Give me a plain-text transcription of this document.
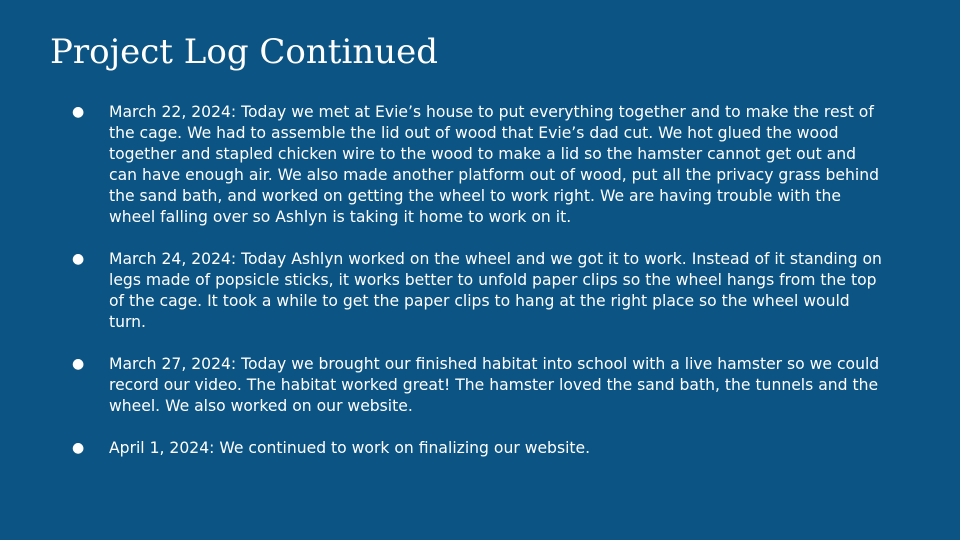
Project Log Continued
● March 22, 2024: Today we met at Evie’s house to put everything together and to make the rest of the cage. We had to assemble the lid out of wood that Evie’s dad cut. We hot glued the wood together and stapled chicken wire to the wood to make a lid so the hamster cannot get out and can have enough air. We also made another platform out of wood, put all the privacy grass behind the sand bath, and worked on getting the wheel to work right. We are having trouble with the wheel falling over so Ashlyn is taking it home to work on it.
● March 24, 2024: Today Ashlyn worked on the wheel and we got it to work. Instead of it standing on legs made of popsicle sticks, it works better to unfold paper clips so the wheel hangs from the top of the cage. It took a while to get the paper clips to hang at the right place so the wheel would turn.
● March 27, 2024: Today we brought our finished habitat into school with a live hamster so we could record our video. The habitat worked great! The hamster loved the sand bath, the tunnels and the wheel. We also worked on our website.
● April 1, 2024: We continued to work on finalizing our website.
